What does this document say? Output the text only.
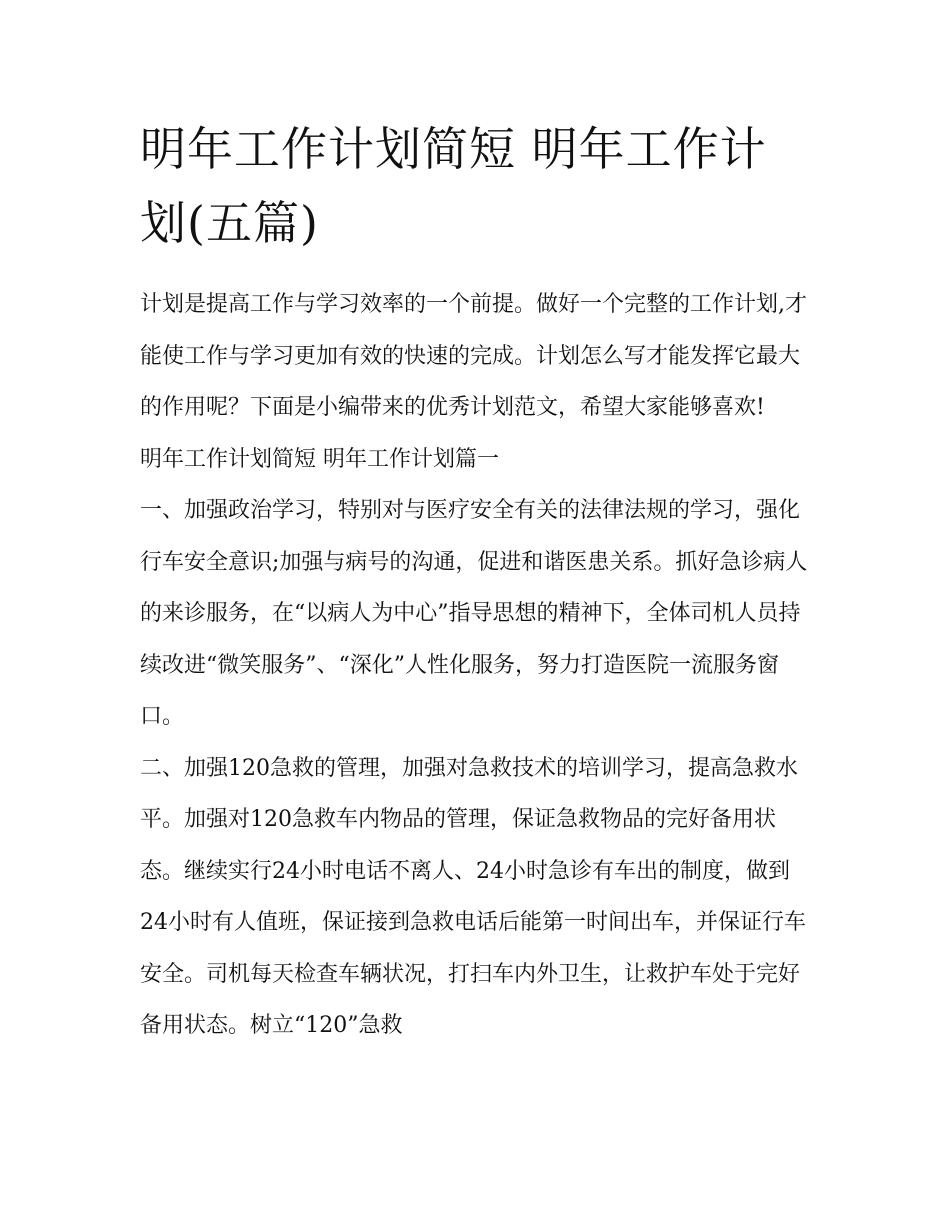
明年工作计划简短 明年工作计划(五篇)

计划是提高工作与学习效率的一个前提。做好一个完整的工作计划,才能使工作与学习更加有效的快速的完成。计划怎么写才能发挥它最大的作用呢？下面是小编带来的优秀计划范文，希望大家能够喜欢!

明年工作计划简短 明年工作计划篇一

一、加强政治学习，特别对与医疗安全有关的法律法规的学习，强化行车安全意识;加强与病号的沟通，促进和谐医患关系。抓好急诊病人的来诊服务，在“以病人为中心”指导思想的精神下，全体司机人员持续改进“微笑服务”、“深化”人性化服务，努力打造医院一流服务窗口。

二、加强120急救的管理，加强对急救技术的培训学习，提高急救水平。加强对120急救车内物品的管理，保证急救物品的完好备用状态。继续实行24小时电话不离人、24小时急诊有车出的制度，做到24小时有人值班，保证接到急救电话后能第一时间出车，并保证行车安全。司机每天检查车辆状况，打扫车内外卫生，让救护车处于完好备用状态。树立“120”急救
